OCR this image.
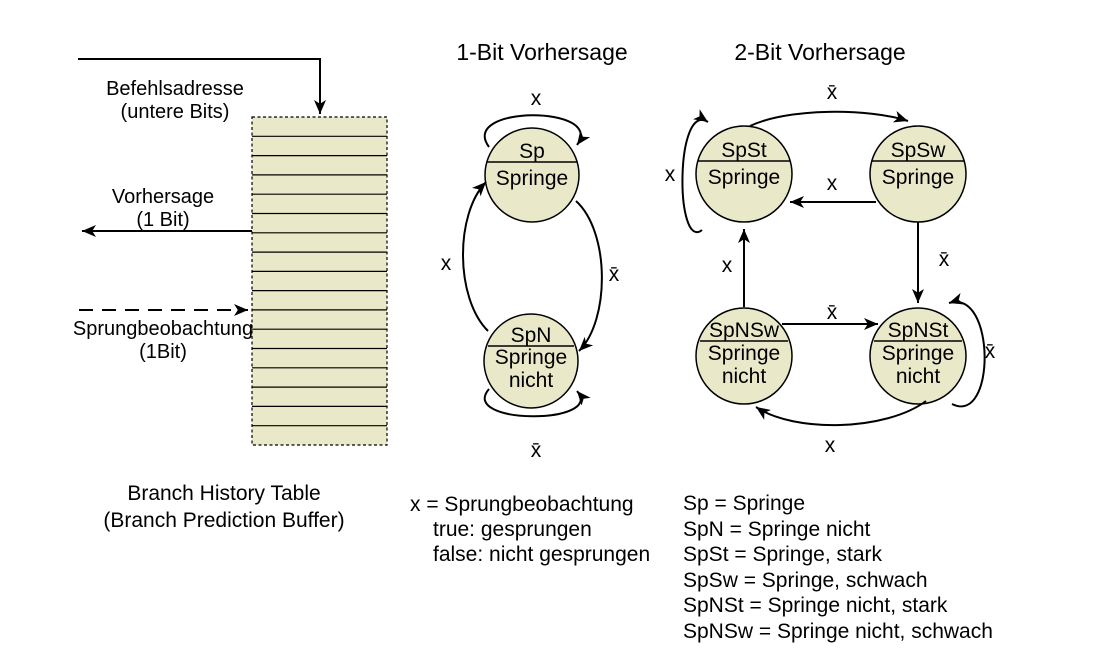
Befehlsadresse
(untere Bits)
Vorhersage
(1 Bit)
Sprungbeobachtung
(1Bit)
Branch History Table
(Branch Prediction Buffer)
1-Bit Vorhersage
Sp
Springe
SpN
Springe
nicht
x
x	x̄
x̄
2-Bit Vorhersage
SpSt
Springe
SpSw
Springe
SpNSw
Springe
nicht
SpNSt
Springe
nicht
x̄
x
x
x̄
x
x̄
x̄
x
x = Sprungbeobachtung
true: gesprungen
false: nicht gesprungen
Sp = Springe
SpN = Springe nicht
SpSt = Springe, stark
SpSw = Springe, schwach
SpNSt = Springe nicht, stark
SpNSw = Springe nicht, schwach
